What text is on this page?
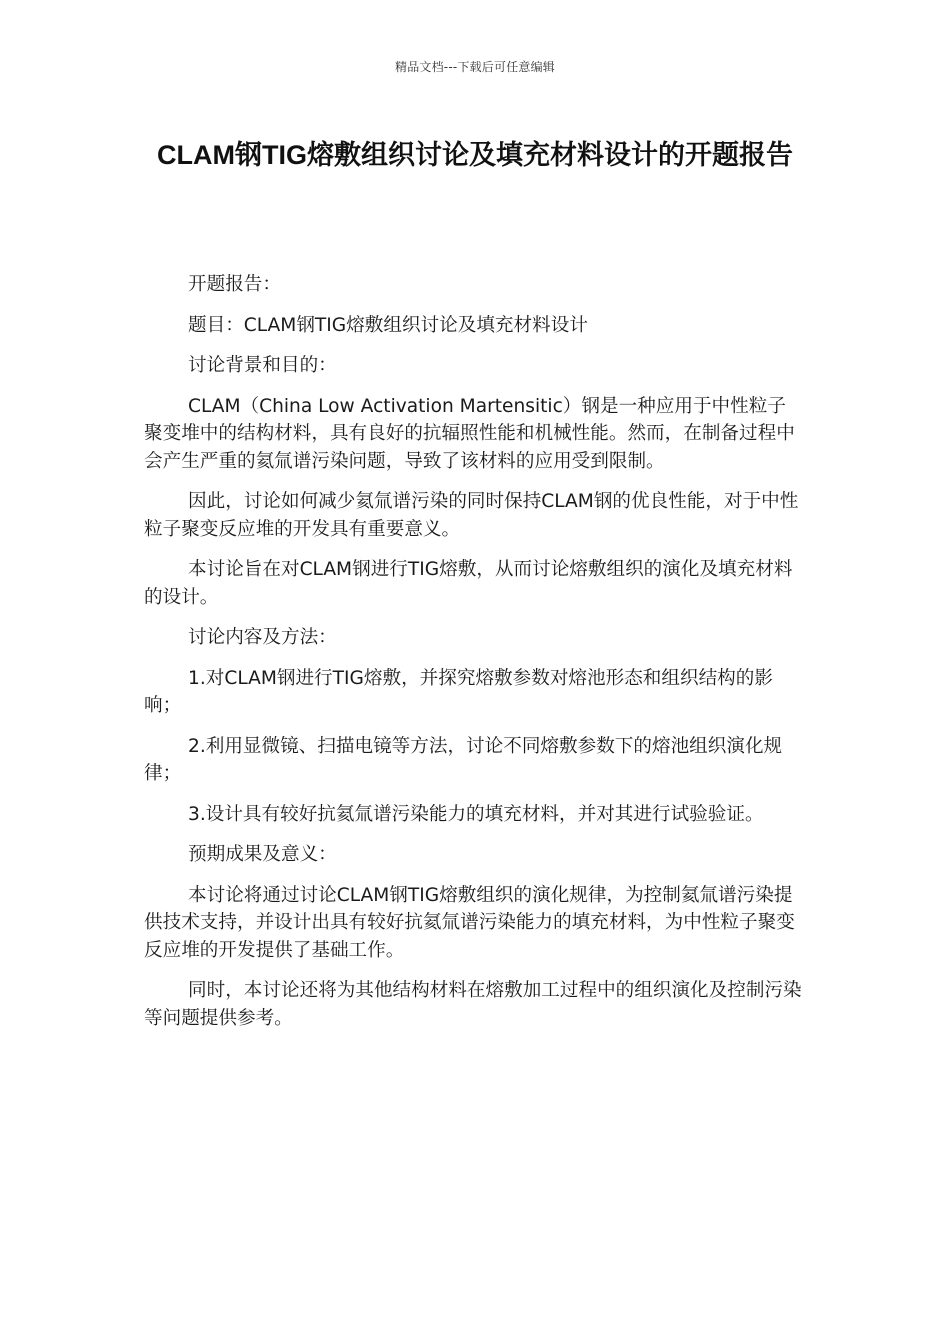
精品文档---下载后可任意编辑
CLAM钢TIG熔敷组织讨论及填充材料设计的开题报告

开题报告：

题目：CLAM钢TIG熔敷组织讨论及填充材料设计

讨论背景和目的：

CLAM（China Low Activation Martensitic）钢是一种应用于中性粒子聚变堆中的结构材料，具有良好的抗辐照性能和机械性能。然而，在制备过程中会产生严重的氦氚谱污染问题，导致了该材料的应用受到限制。

因此，讨论如何减少氦氚谱污染的同时保持CLAM钢的优良性能，对于中性粒子聚变反应堆的开发具有重要意义。

本讨论旨在对CLAM钢进行TIG熔敷，从而讨论熔敷组织的演化及填充材料的设计。

讨论内容及方法：

1.对CLAM钢进行TIG熔敷，并探究熔敷参数对熔池形态和组织结构的影响；

2.利用显微镜、扫描电镜等方法，讨论不同熔敷参数下的熔池组织演化规律；

3.设计具有较好抗氦氚谱污染能力的填充材料，并对其进行试验验证。

预期成果及意义：

本讨论将通过讨论CLAM钢TIG熔敷组织的演化规律，为控制氦氚谱污染提供技术支持，并设计出具有较好抗氦氚谱污染能力的填充材料，为中性粒子聚变反应堆的开发提供了基础工作。

同时，本讨论还将为其他结构材料在熔敷加工过程中的组织演化及控制污染等问题提供参考。
